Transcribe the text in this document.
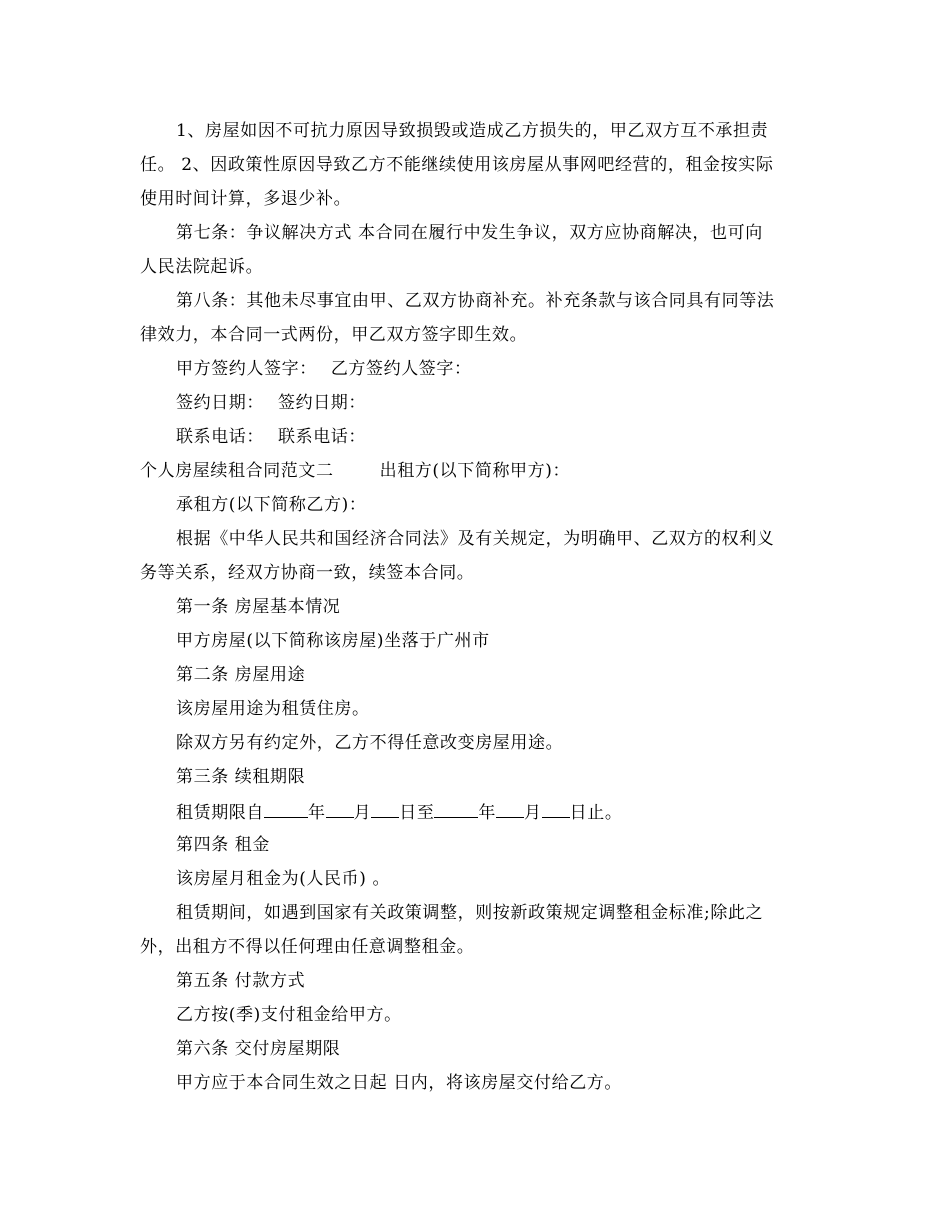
1、房屋如因不可抗力原因导致损毁或造成乙方损失的，甲乙双方互不承担责
任。 2、因政策性原因导致乙方不能继续使用该房屋从事网吧经营的，租金按实际
使用时间计算，多退少补。
第七条：争议解决方式 本合同在履行中发生争议，双方应协商解决，也可向
人民法院起诉。
第八条：其他未尽事宜由甲、乙双方协商补充。补充条款与该合同具有同等法
律效力，本合同一式两份，甲乙双方签字即生效。
甲方签约人签字： 乙方签约人签字：
签约日期： 签约日期：
联系电话： 联系电话：
个人房屋续租合同范文二	出租方(以下简称甲方)：
承租方(以下简称乙方)：
根据《中华人民共和国经济合同法》及有关规定，为明确甲、乙双方的权利义
务等关系，经双方协商一致，续签本合同。
第一条 房屋基本情况
甲方房屋(以下简称该房屋)坐落于广州市
第二条 房屋用途
该房屋用途为租赁住房。
除双方另有约定外，乙方不得任意改变房屋用途。
第三条 续租期限
租赁期限自	年 月 日至	年 月 日止。
第四条 租金
该房屋月租金为(人民币) 。
租赁期间，如遇到国家有关政策调整，则按新政策规定调整租金标准;除此之
外，出租方不得以任何理由任意调整租金。
第五条 付款方式
乙方按(季)支付租金给甲方。
第六条 交付房屋期限
甲方应于本合同生效之日起 日内，将该房屋交付给乙方。
